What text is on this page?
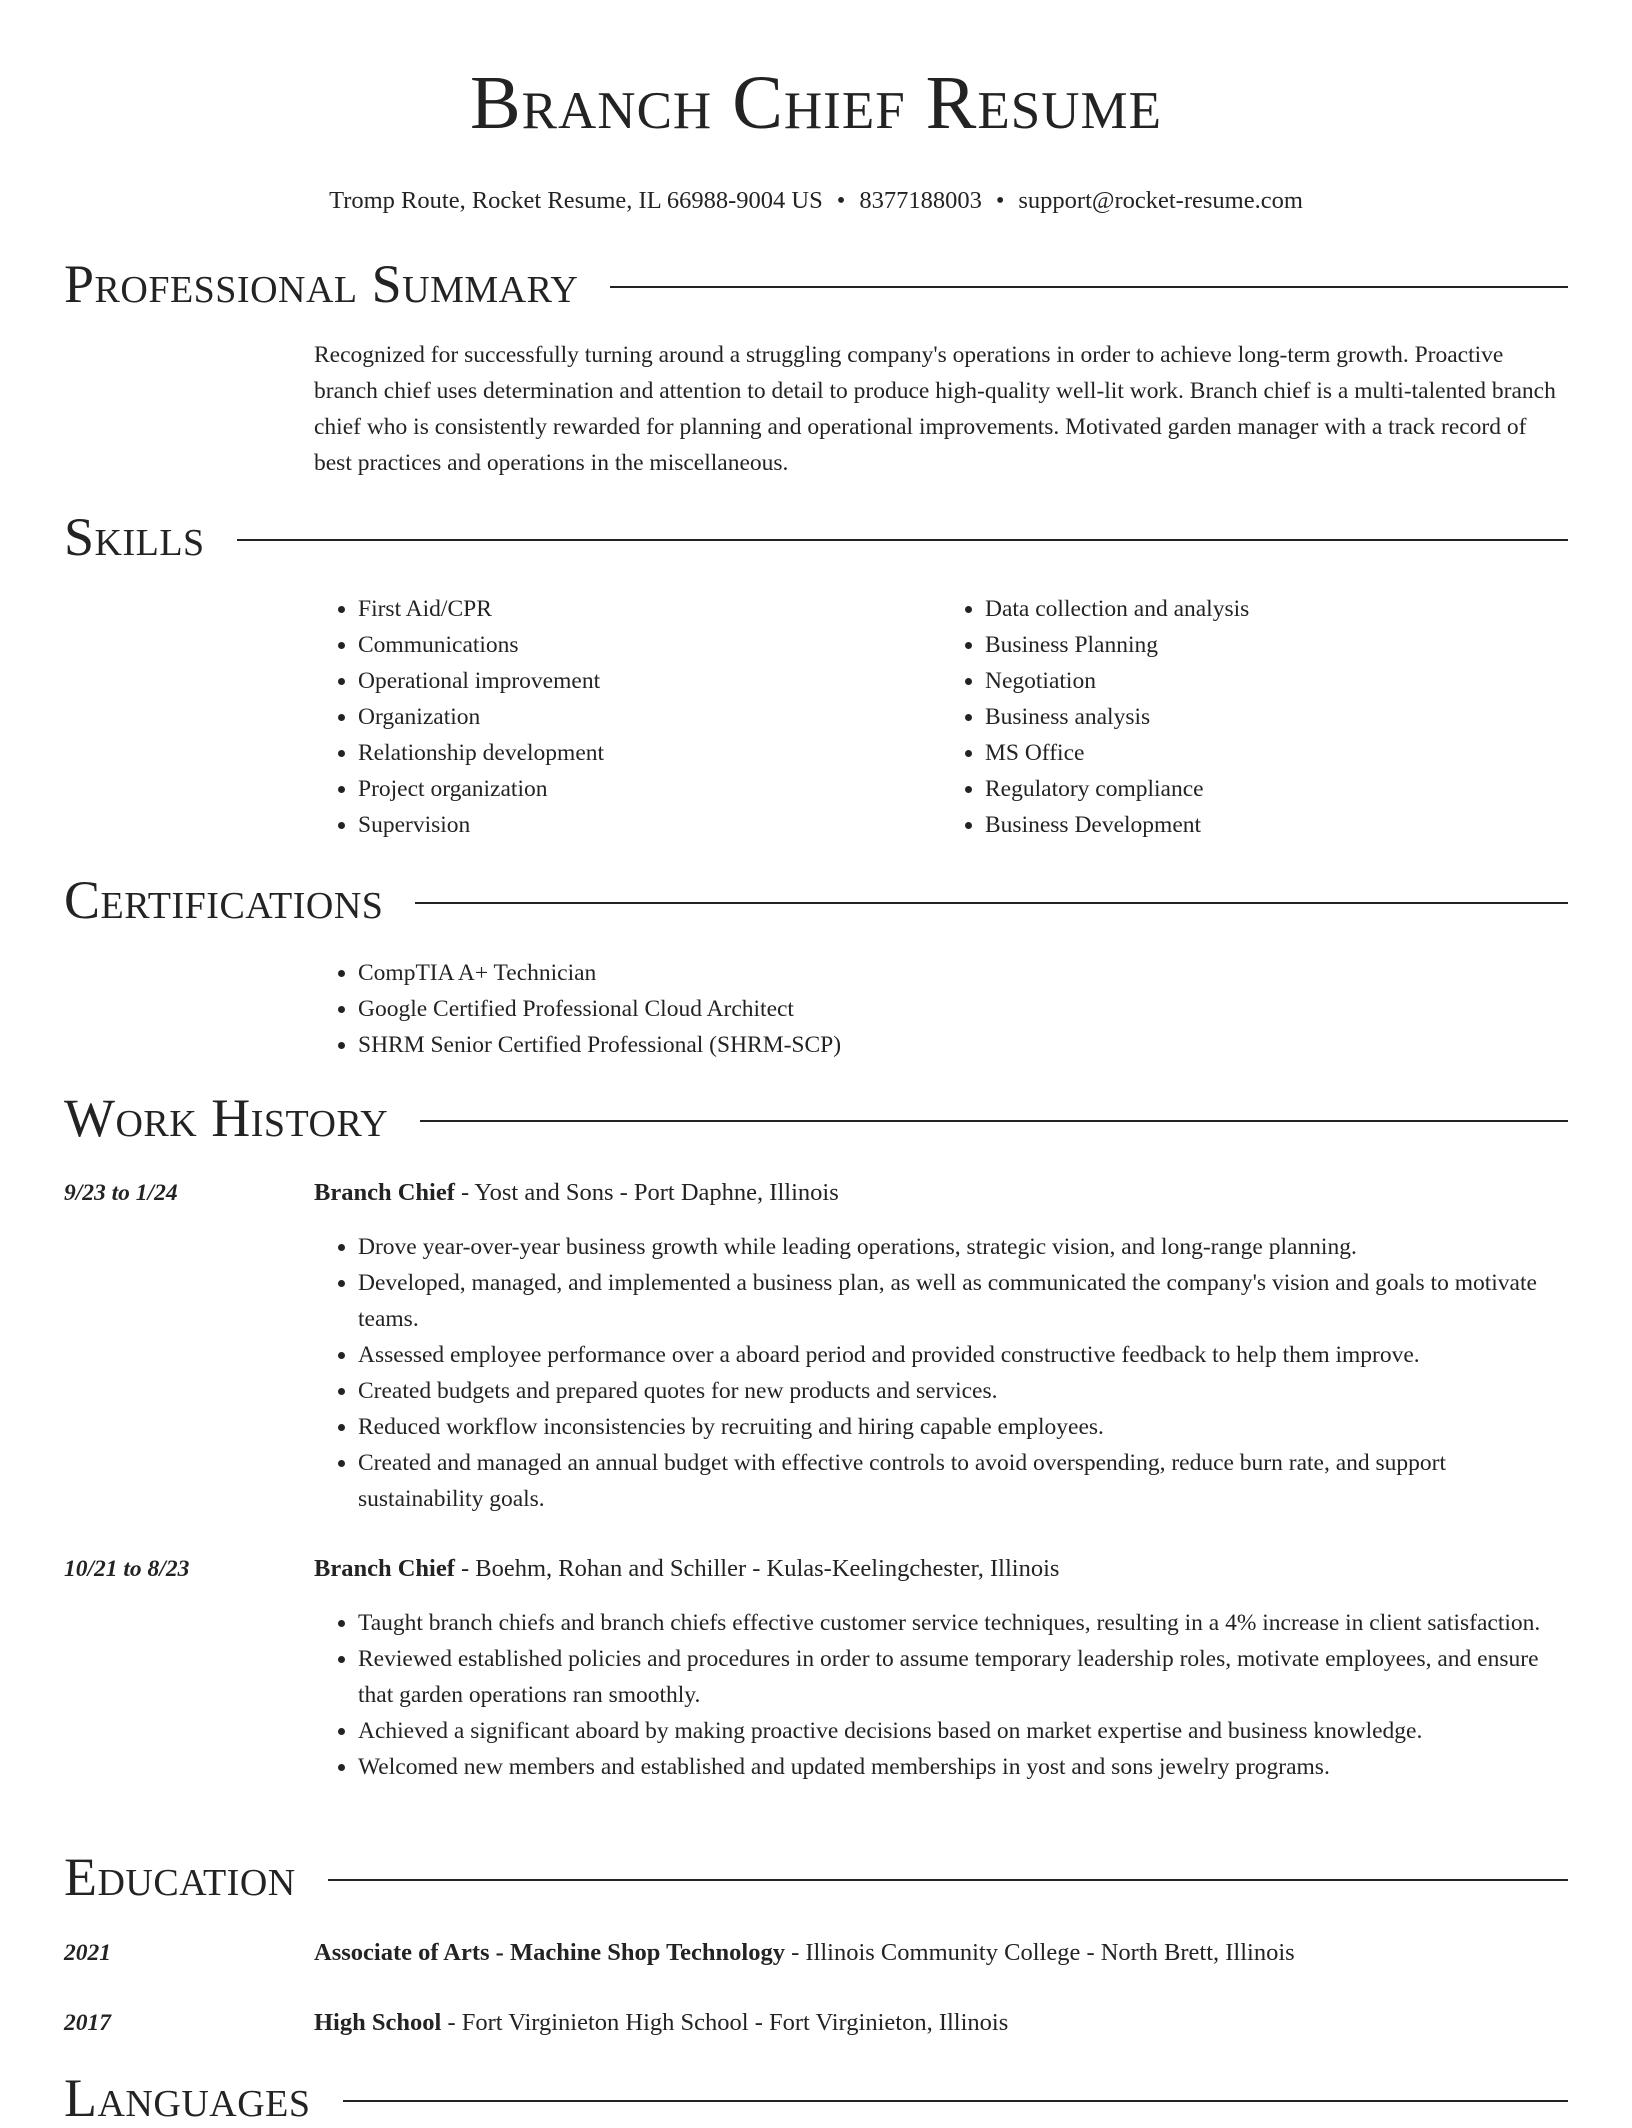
Branch Chief Resume
Tromp Route, Rocket Resume, IL 66988-9004 US • 8377188003 • support@rocket-resume.com
Professional Summary
Recognized for successfully turning around a struggling company's operations in order to achieve long-term growth. Proactive branch chief uses determination and attention to detail to produce high-quality well-lit work. Branch chief is a multi-talented branch chief who is consistently rewarded for planning and operational improvements. Motivated garden manager with a track record of best practices and operations in the miscellaneous.
Skills
• First Aid/CPR
• Communications
• Operational improvement
• Organization
• Relationship development
• Project organization
• Supervision
• Data collection and analysis
• Business Planning
• Negotiation
• Business analysis
• MS Office
• Regulatory compliance
• Business Development
Certifications
• CompTIA A+ Technician
• Google Certified Professional Cloud Architect
• SHRM Senior Certified Professional (SHRM-SCP)
Work History
9/23 to 1/24	Branch Chief - Yost and Sons - Port Daphne, Illinois
• Drove year-over-year business growth while leading operations, strategic vision, and long-range planning.
• Developed, managed, and implemented a business plan, as well as communicated the company's vision and goals to motivate teams.
• Assessed employee performance over a aboard period and provided constructive feedback to help them improve.
• Created budgets and prepared quotes for new products and services.
• Reduced workflow inconsistencies by recruiting and hiring capable employees.
• Created and managed an annual budget with effective controls to avoid overspending, reduce burn rate, and support sustainability goals.
10/21 to 8/23	Branch Chief - Boehm, Rohan and Schiller - Kulas-Keelingchester, Illinois
• Taught branch chiefs and branch chiefs effective customer service techniques, resulting in a 4% increase in client satisfaction.
• Reviewed established policies and procedures in order to assume temporary leadership roles, motivate employees, and ensure that garden operations ran smoothly.
• Achieved a significant aboard by making proactive decisions based on market expertise and business knowledge.
• Welcomed new members and established and updated memberships in yost and sons jewelry programs.
Education
2021	Associate of Arts - Machine Shop Technology - Illinois Community College - North Brett, Illinois
2017	High School - Fort Virginieton High School - Fort Virginieton, Illinois
Languages
